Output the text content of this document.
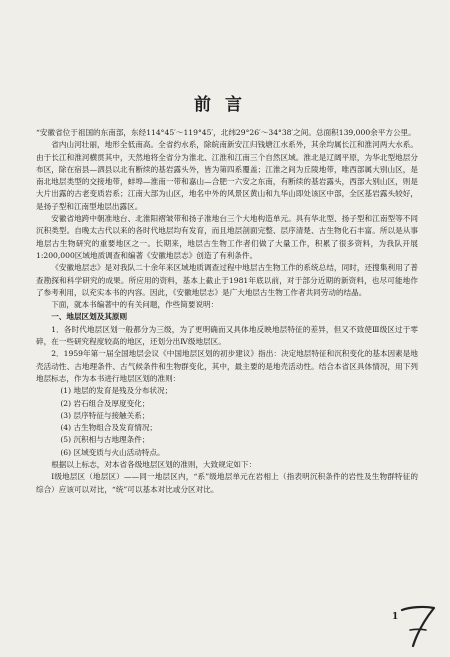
前言

“安徽省位于祖国的东南部，东经114°45′～119°45′，北纬29°26′～34°38′之间。总面积139,000余平方公里。

省内山河壮丽，地形全低南高。全省约水系，除皖南新安江归钱塘江水系外，其余均属长江和淮河两大水系。由于长江和淮河横贯其中，天然地将全省分为淮北、江淮和江南三个自然区域。淮北是辽阔平原，为华北型地层分布区，除在宿县—泗县以北有断续的基岩露头外，皆为第四系覆盖；江淮之间为丘陵地带，唯西部属大别山区，是南北地层类型的交接地带，蚌埠—淮南一带和嘉山—合肥一六安之东南，有断续的基岩露头，西部大别山区，则是大片出露的古老变质岩系；江南大部为山区，地名中外的风景区黄山和九华山即处该区中部，全区基岩露头较好，是扬子型和江南型地层出露区。

安徽省地跨中朝准地台、北淮阳褶皱带和扬子准地台三个大地构造单元。具有华北型、扬子型和江南型等不同沉积类型。自晚太古代以来的各时代地层均有发育，而且地层剖面完整、层序清楚、古生物化石丰富。所以是从事地层古生物研究的重要地区之一。长期来，地层古生物工作者们做了大量工作，积累了很多资料，为我队开展1:200,000区域地质调查和编著《安徽地层志》创造了有利条件。

《安徽地层志》是对我队二十余年来区域地质调查过程中地层古生物工作的系统总结，同时，还搜集利用了普查勘探和科学研究的成果。所应用的资料，基本上截止于1981年底以前，对于部分近期的新资料，也尽可能地作了参考利用，以充实本书的内容。因此，《安徽地层志》是广大地层古生物工作者共同劳动的结晶。

下面，就本书编著中的有关问题，作些简要说明：

一、地层区划及其原则

1．各时代地层区划一般都分为三级，为了更明确而又具体地反映地层特征的差异，但又不致使Ⅲ级区过于零碎，在一些研究程度较高的地区，还划分出Ⅳ级地层区。

2．1959年第一届全国地层会议《中国地层区划的初步建议》指出：决定地层特征和沉积变化的基本因素是地壳活动性、古地理条件、古气候条件和生物群变化，其中，最主要的是地壳活动性。结合本省区具体情况，用下列地层标志，作为本书进行地层区划的准则：

(1) 地层的发育是残及分布状况；

(2) 岩石组合及厚度变化；

(3) 层序特征与接触关系；

(4) 古生物组合及发育情况；

(5) 沉积相与古地理条件；

(6) 区域变质与火山活动特点。

根据以上标志，对本省各级地层区划的准则，大致规定如下：

Ⅰ级地层区（地层区）——同一地层区内，“系”级地层单元在岩相上（指表明沉积条件的岩性及生物群特征的综合）应该可以对比，“统”可以基本对比或分区对比。

1
